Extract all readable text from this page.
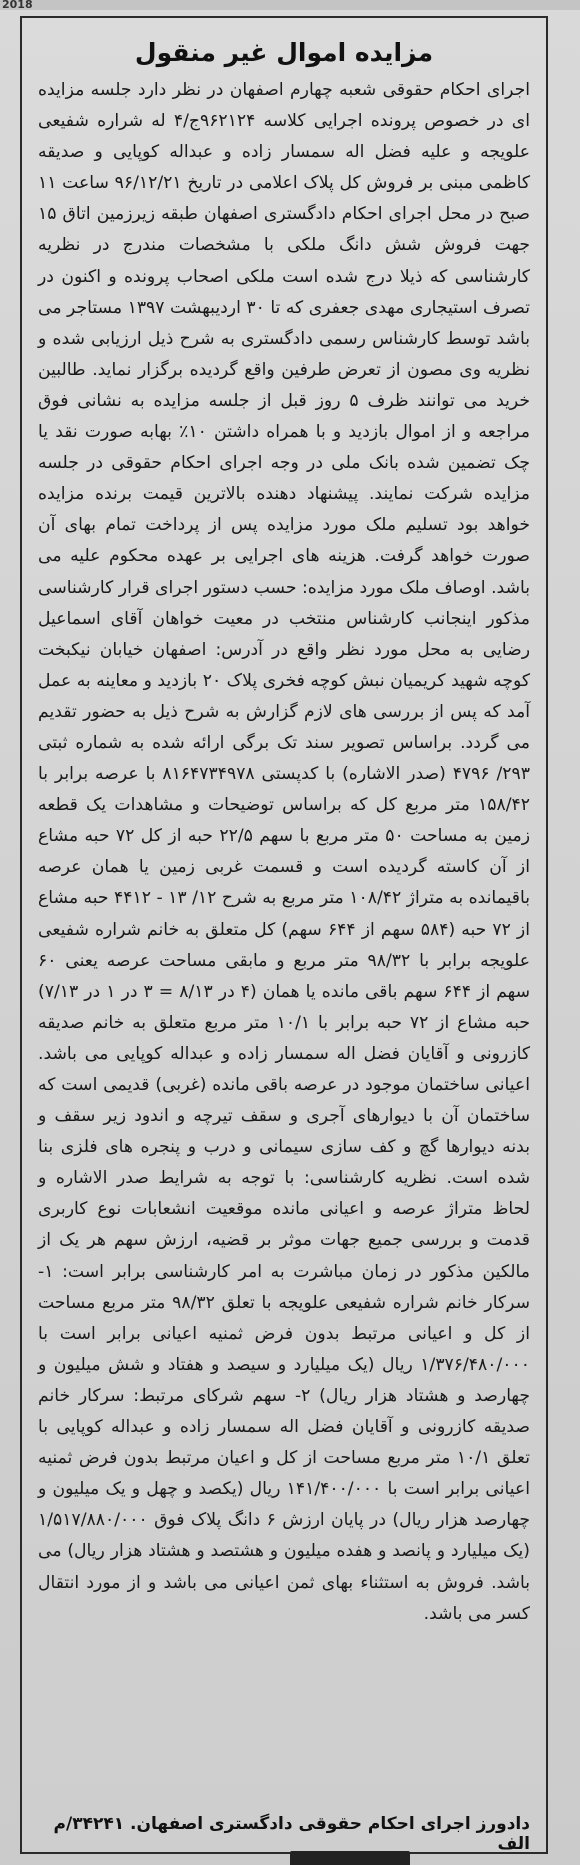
2018
مزایده اموال غیر منقول

اجرای احکام حقوقی شعبه چهارم اصفهان در نظر دارد جلسه مزایده ای در خصوص پرونده اجرایی کلاسه ۹۶۲۱۲۴ج/۴ له شراره شفیعی علویجه و علیه فضل اله سمسار زاده و عبداله کوپایی و صدیقه کاظمی مبنی بر فروش کل پلاک اعلامی در تاریخ ۹۶/۱۲/۲۱ ساعت ۱۱ صبح در محل اجرای احکام دادگستری اصفهان طبقه زیرزمین اتاق ۱۵ جهت فروش شش دانگ ملکی با مشخصات مندرج در نظریه کارشناسی که ذیلا درج شده است ملکی اصحاب پرونده و اکنون در تصرف استیجاری مهدی جعفری که تا ۳۰ اردیبهشت ۱۳۹۷ مستاجر می باشد توسط کارشناس رسمی دادگستری به شرح ذیل ارزیابی شده و نظریه وی مصون از تعرض طرفین واقع گردیده برگزار نماید. طالبین خرید می توانند ظرف ۵ روز قبل از جلسه مزایده به نشانی فوق مراجعه و از اموال بازدید و با همراه داشتن ۱۰٪ بهابه صورت نقد یا چک تضمین شده بانک ملی در وجه اجرای احکام حقوقی در جلسه مزایده شرکت نمایند. پیشنهاد دهنده بالاترین قیمت برنده مزایده خواهد بود تسلیم ملک مورد مزایده پس از پرداخت تمام بهای آن صورت خواهد گرفت. هزینه های اجرایی بر عهده محکوم علیه می باشد. اوصاف ملک مورد مزایده: حسب دستور اجرای قرار کارشناسی مذکور اینجانب کارشناس منتخب در معیت خواهان آقای اسماعیل رضایی به محل مورد نظر واقع در آدرس: اصفهان خیابان نیکبخت کوچه شهید کریمیان نبش کوچه فخری پلاک ۲۰ بازدید و معاینه به عمل آمد که پس از بررسی های لازم گزارش به شرح ذیل به حضور تقدیم می گردد. براساس تصویر سند تک برگی ارائه شده به شماره ثبتی ۲۹۳/ ۴۷۹۶ (صدر الاشاره) با کدپستی ۸۱۶۴۷۳۴۹۷۸ با عرصه برابر با ۱۵۸/۴۲ متر مربع کل که براساس توضیحات و مشاهدات یک قطعه زمین به مساحت ۵۰ متر مربع با سهم ۲۲/۵ حبه از کل ۷۲ حبه مشاع از آن کاسته گردیده است و قسمت غربی زمین یا همان عرصه باقیمانده به متراژ ۱۰۸/۴۲ متر مربع به شرح ۱۲/ ۱۳ - ۴۴۱۲ حبه مشاع از ۷۲ حبه (۵۸۴ سهم از ۶۴۴ سهم) کل متعلق به خانم شراره شفیعی علویجه برابر با ۹۸/۳۲ متر مربع و مابقی مساحت عرصه یعنی ۶۰ سهم از ۶۴۴ سهم باقی مانده یا همان (۴ در ۸/۱۳ = ۳ در ۱ در ۷/۱۳) حبه مشاع از ۷۲ حبه برابر با ۱۰/۱ متر مربع متعلق به خانم صدیقه کازرونی و آقایان فضل اله سمسار زاده و عبداله کوپایی می باشد. اعیانی ساختمان موجود در عرصه باقی مانده (غربی) قدیمی است که ساختمان آن با دیوارهای آجری و سقف تیرچه و اندود زیر سقف و بدنه دیوارها گچ و کف سازی سیمانی و درب و پنجره های فلزی بنا شده است. نظریه کارشناسی: با توجه به شرایط صدر الاشاره و لحاظ متراژ عرصه و اعیانی مانده موقعیت انشعابات نوع کاربری قدمت و بررسی جمیع جهات موثر بر قضیه، ارزش سهم هر یک از مالکین مذکور در زمان مباشرت به امر کارشناسی برابر است: ۱- سرکار خانم شراره شفیعی علویجه با تعلق ۹۸/۳۲ متر مربع مساحت از کل و اعیانی مرتبط بدون فرض ثمنیه اعیانی برابر است با ۱/۳۷۶/۴۸۰/۰۰۰ ریال (یک میلیارد و سیصد و هفتاد و شش میلیون و چهارصد و هشتاد هزار ریال) ۲- سهم شرکای مرتبط: سرکار خانم صدیقه کازرونی و آقایان فضل اله سمسار زاده و عبداله کوپایی با تعلق ۱۰/۱ متر مربع مساحت از کل و اعیان مرتبط بدون فرض ثمنیه اعیانی برابر است با ۱۴۱/۴۰۰/۰۰۰ ریال (یکصد و چهل و یک میلیون و چهارصد هزار ریال) در پایان ارزش ۶ دانگ پلاک فوق ۱/۵۱۷/۸۸۰/۰۰۰ (یک میلیارد و پانصد و هفده میلیون و هشتصد و هشتاد هزار ریال) می باشد. فروش به استثناء بهای ثمن اعیانی می باشد و از مورد انتقال کسر می باشد.

دادورز اجرای احکام حقوقی دادگستری اصفهان. ۳۴۲۴۱/م الف
